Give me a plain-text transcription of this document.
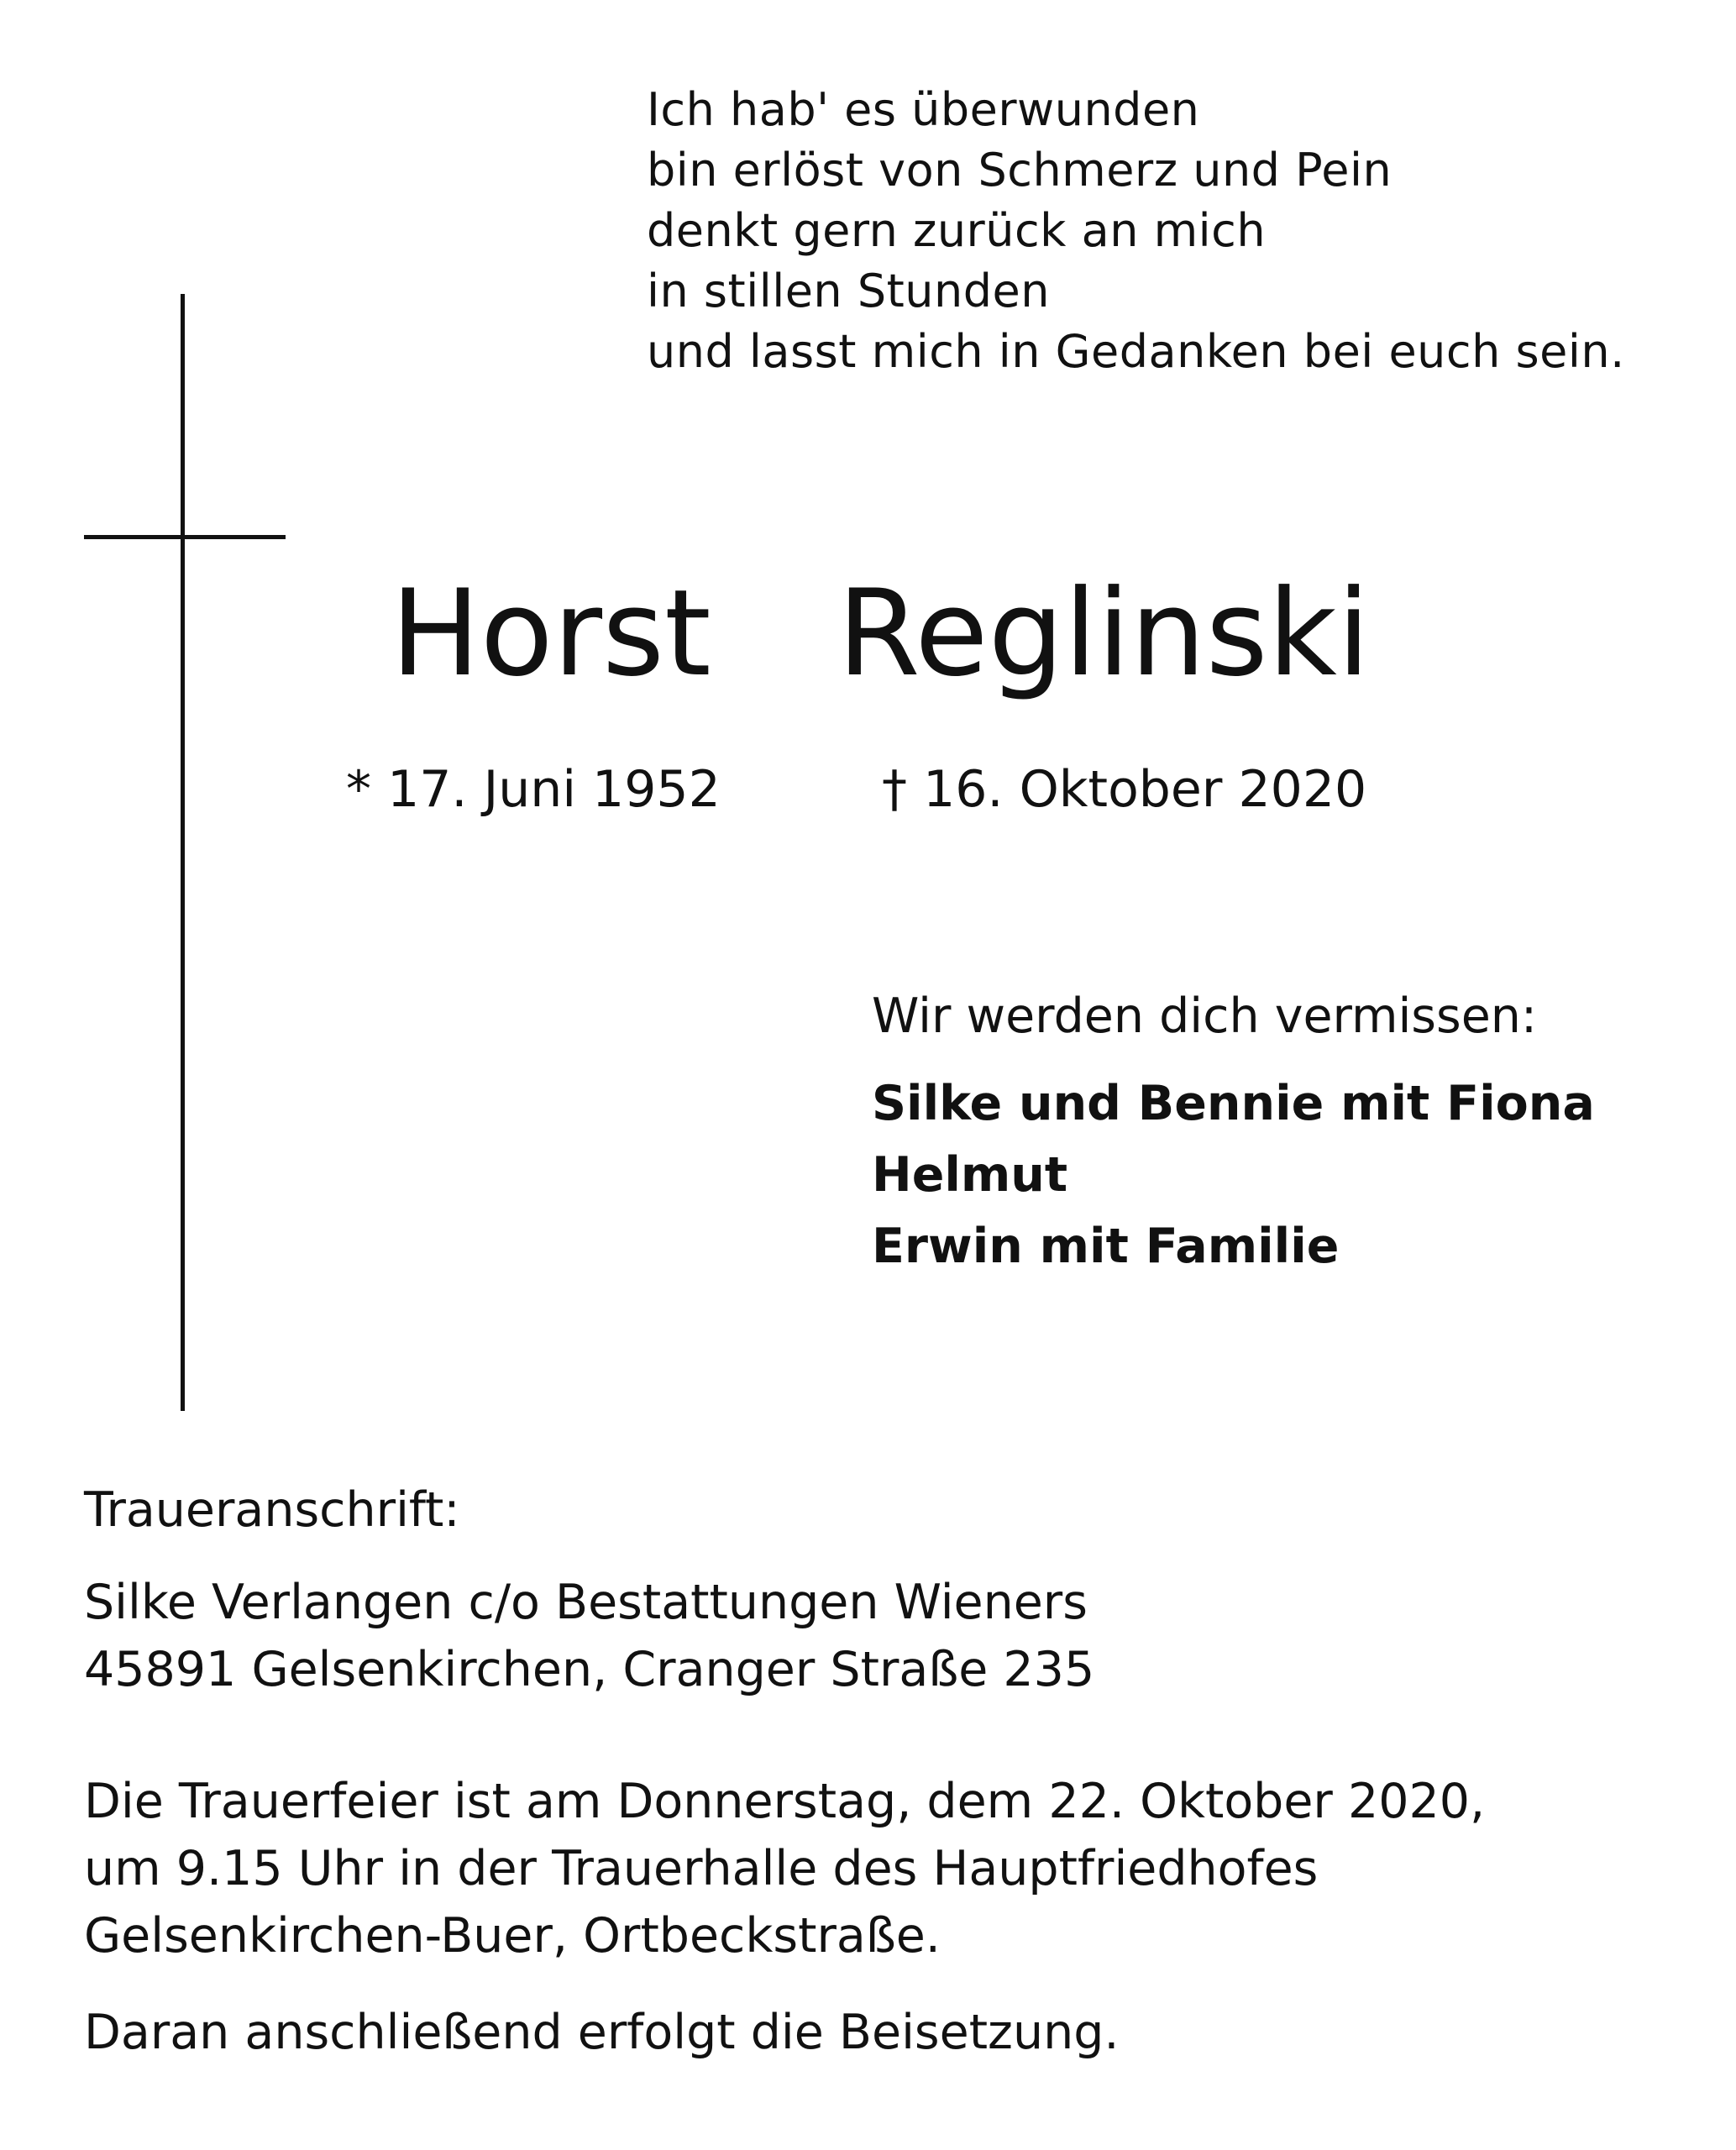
Ich hab' es überwunden
bin erlöst von Schmerz und Pein
denkt gern zurück an mich
in stillen Stunden
und lasst mich in Gedanken bei euch sein.
Horst  Reglinski
* 17. Juni 1952	† 16. Oktober 2020
Wir werden dich vermissen:
Silke und Bennie mit Fiona
Helmut
Erwin mit Familie
Traueranschrift:
Silke Verlangen c/o Bestattungen Wieners
45891 Gelsenkirchen, Cranger Straße 235
Die Trauerfeier ist am Donnerstag, dem 22. Oktober 2020,
um 9.15 Uhr in der Trauerhalle des Hauptfriedhofes
Gelsenkirchen-Buer, Ortbeckstraße.
Daran anschließend erfolgt die Beisetzung.
